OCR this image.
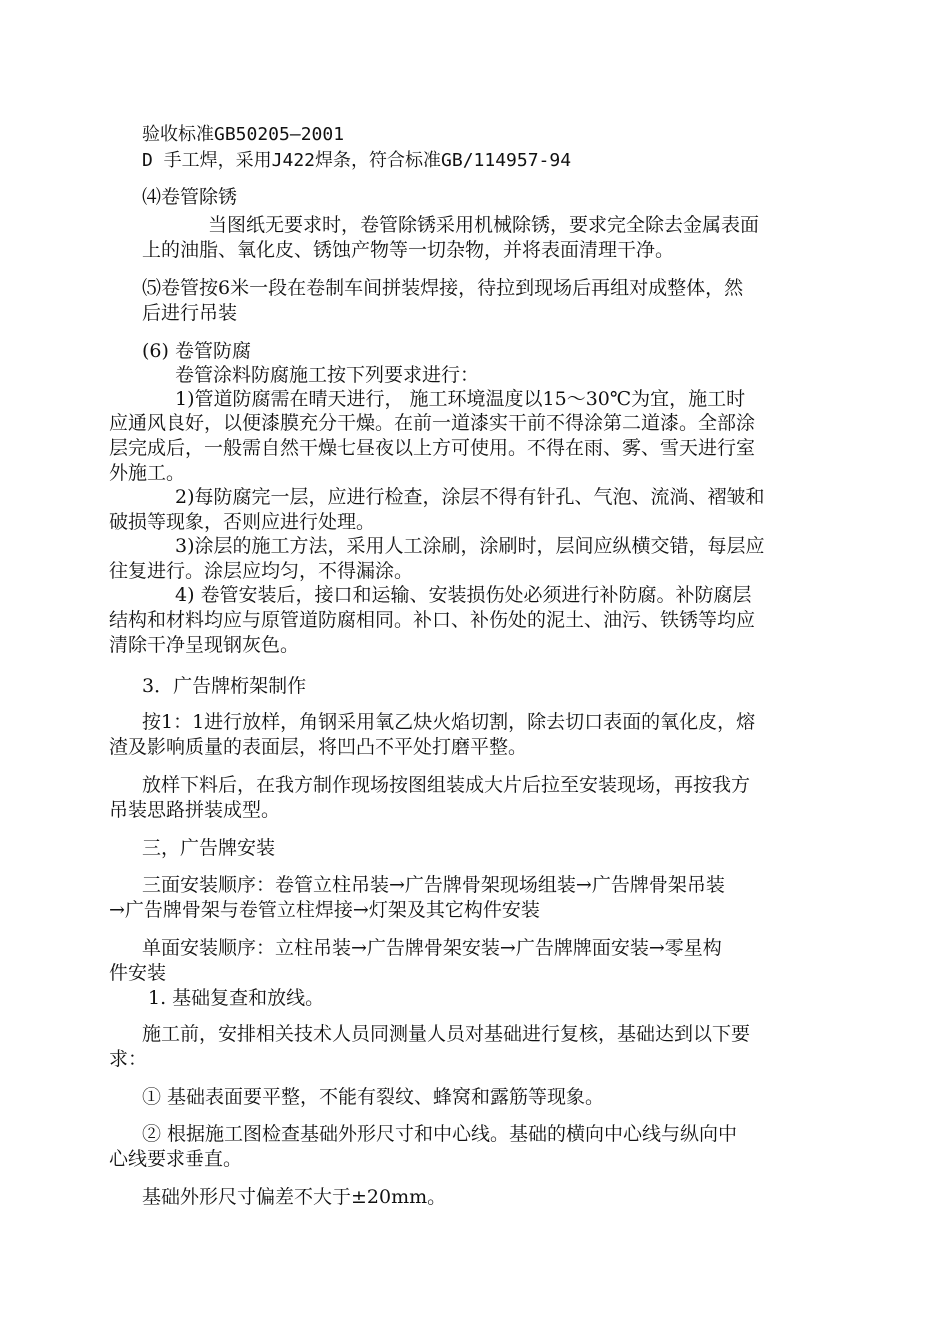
验收标准GB50205—2001
D 手工焊，采用J422焊条，符合标准GB/114957-94
⑷卷管除锈
当图纸无要求时，卷管除锈采用机械除锈，要求完全除去金属表面
上的油脂、氧化皮、锈蚀产物等一切杂物，并将表面清理干净。
⑸卷管按6米一段在卷制车间拼装焊接，待拉到现场后再组对成整体，然
后进行吊装
(6) 卷管防腐
卷管涂料防腐施工按下列要求进行：
1)管道防腐需在晴天进行， 施工环境温度以15～30℃为宜，施工时
应通风良好，以便漆膜充分干燥。在前一道漆实干前不得涂第二道漆。全部涂
层完成后，一般需自然干燥七昼夜以上方可使用。不得在雨、雾、雪天进行室
外施工。
2)每防腐完一层，应进行检查，涂层不得有针孔、气泡、流淌、褶皱和
破损等现象，否则应进行处理。
3)涂层的施工方法，采用人工涂刷，涂刷时，层间应纵横交错，每层应
往复进行。涂层应均匀，不得漏涂。
4) 卷管安装后，接口和运输、安装损伤处必须进行补防腐。补防腐层
结构和材料均应与原管道防腐相同。补口、补伤处的泥土、油污、铁锈等均应
清除干净呈现钢灰色。
3．广告牌桁架制作
按1：1进行放样，角钢采用氧乙炔火焰切割，除去切口表面的氧化皮，熔
渣及影响质量的表面层，将凹凸不平处打磨平整。
放样下料后，在我方制作现场按图组装成大片后拉至安装现场，再按我方
吊装思路拼装成型。
三，广告牌安装
三面安装顺序：卷管立柱吊装→广告牌骨架现场组装→广告牌骨架吊装
→广告牌骨架与卷管立柱焊接→灯架及其它构件安装
单面安装顺序：立柱吊装→广告牌骨架安装→广告牌牌面安装→零星构
件安装
1. 基础复查和放线。
施工前，安排相关技术人员同测量人员对基础进行复核，基础达到以下要
求：
① 基础表面要平整，不能有裂纹、蜂窝和露筋等现象。
② 根据施工图检查基础外形尺寸和中心线。基础的横向中心线与纵向中
心线要求垂直。
基础外形尺寸偏差不大于±20mm。
